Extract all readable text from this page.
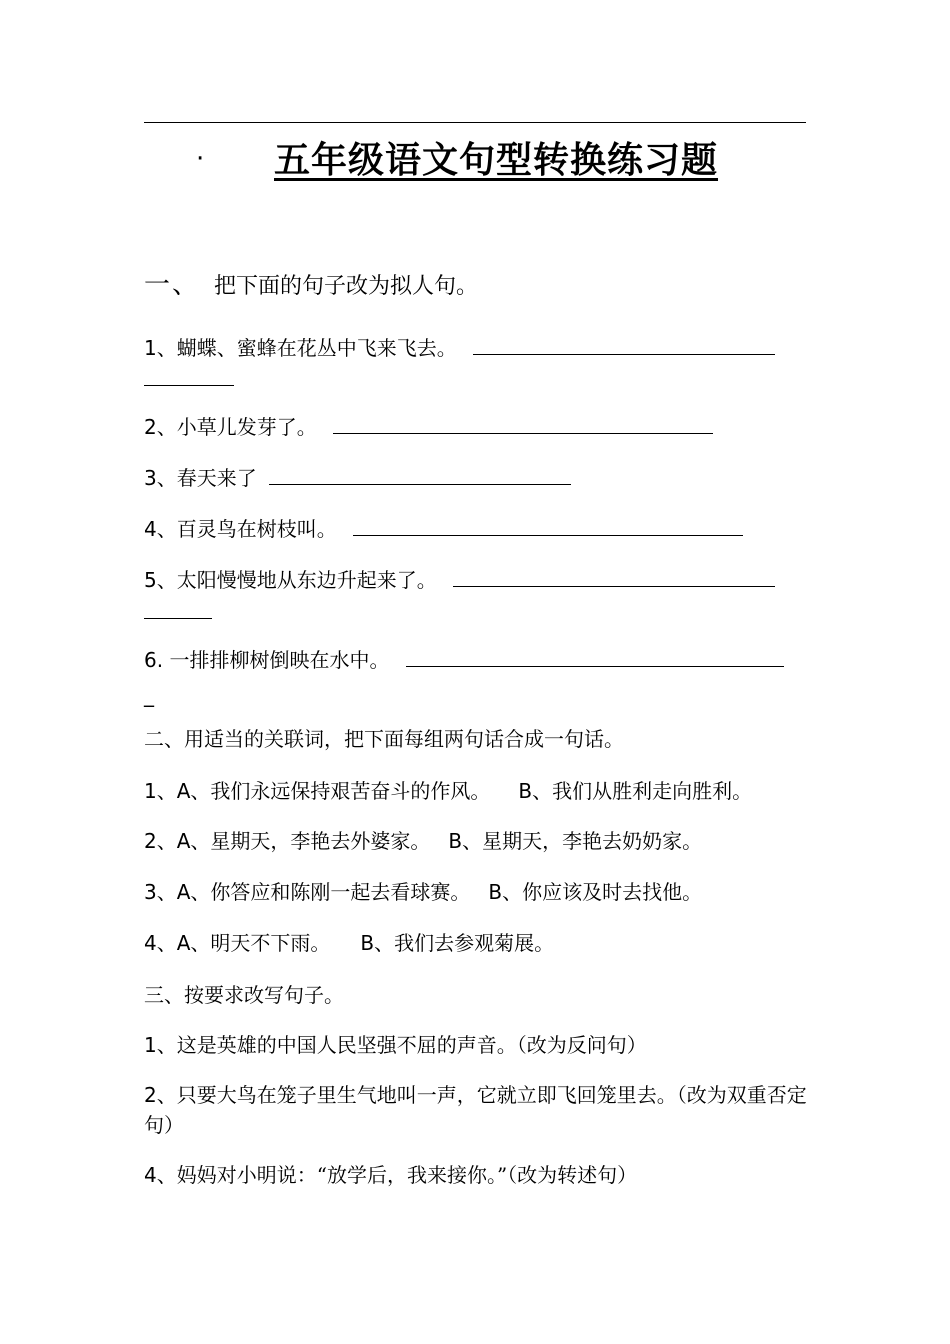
· 五年级语文句型转换练习题
一、 把下面的句子改为拟人句。
1、蝴蝶、蜜蜂在花丛中飞来飞去。
2、小草儿发芽了。
3、春天来了
4、百灵鸟在树枝叫。
5、太阳慢慢地从东边升起来了。
6. 一排排柳树倒映在水中。
_
二、用适当的关联词，把下面每组两句话合成一句话。
1、A、我们永远保持艰苦奋斗的作风。 B、我们从胜利走向胜利。
2、A、星期天，李艳去外婆家。 B、星期天，李艳去奶奶家。
3、A、你答应和陈刚一起去看球赛。 B、你应该及时去找他。
4、A、明天不下雨。 B、我们去参观菊展。
三、按要求改写句子。
1、这是英雄的中国人民坚强不屈的声音。（改为反问句）
2、只要大鸟在笼子里生气地叫一声，它就立即飞回笼里去。（改为双重否定句）
4、妈妈对小明说：“放学后，我来接你。”（改为转述句）
